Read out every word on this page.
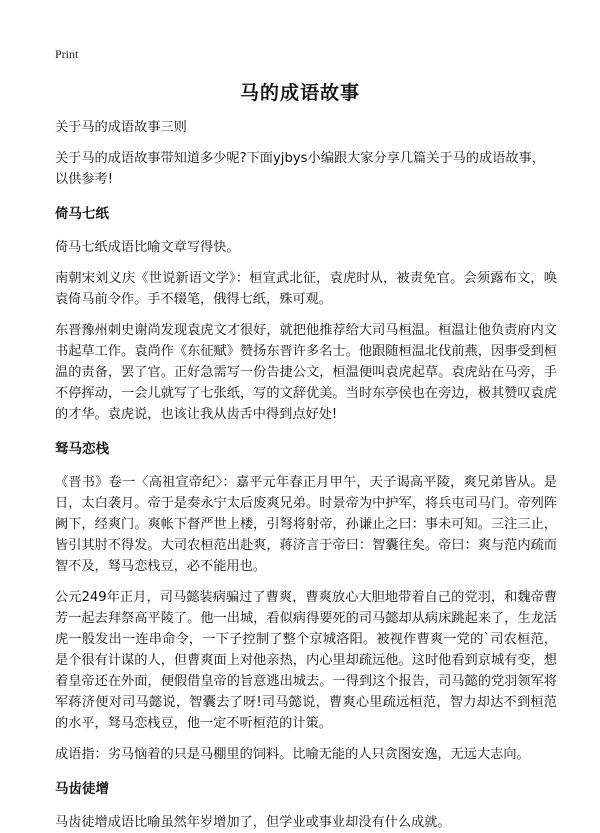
Print
马的成语故事

关于马的成语故事三则

关于马的成语故事带知道多少呢?下面yjbys小编跟大家分享几篇关于马的成语故事，以供参考!

倚马七纸

倚马七纸成语比喻文章写得快。

南朝宋刘义庆《世说新语文学》：桓宣武北征，袁虎时从，被责免官。会须露布文，唤袁倚马前令作。手不辍笔，俄得七纸，殊可观。

东晋豫州刺史谢尚发现袁虎文才很好，就把他推荐给大司马桓温。桓温让他负责府内文书起草工作。袁尚作《东征赋》赞扬东晋许多名士。他跟随桓温北伐前燕，因事受到桓温的责备，罢了官。正好急需写一份告捷公文，桓温便叫袁虎起草。袁虎站在马旁，手不停挥动，一会儿就写了七张纸，写的文辞优美。当时东亭侯也在旁边，极其赞叹袁虎的才华。袁虎说，也该让我从齿舌中得到点好处!

驽马恋栈

《晋书》卷一〈高祖宣帝纪〉：嘉平元年春正月甲午，天子谒高平陵，爽兄弟皆从。是日，太白袭月。帝于是奏永宁太后废爽兄弟。时景帝为中护军，将兵屯司马门。帝列阵阙下，经爽门。爽帐下督严世上楼，引弩将射帝，孙谦止之曰：事未可知。三注三止，皆引其肘不得发。大司农桓范出赴爽，蒋济言于帝曰：智囊往矣。帝曰：爽与范内疏而智不及，驽马恋栈豆，必不能用也。

公元249年正月，司马懿装病骗过了曹爽，曹爽放心大胆地带着自己的党羽，和魏帝曹芳一起去拜祭高平陵了。他一出城，看似病得要死的司马懿却从病床跳起来了，生龙活虎一般发出一连串命令，一下子控制了整个京城洛阳。被视作曹爽一党的`司农桓范，是个很有计谋的人，但曹爽面上对他亲热，内心里却疏远他。这时他看到京城有变，想着皇帝还在外面，便假借皇帝的旨意逃出城去。一得到这个报告，司马懿的党羽领军将军蒋济便对司马懿说，智囊去了呀!司马懿说，曹爽心里疏远桓范，智力却达不到桓范的水平，驽马恋栈豆，他一定不听桓范的计策。

成语指：劣马恼着的只是马棚里的饲料。比喻无能的人只贪图安逸，无远大志向。

马齿徒增

马齿徒增成语比喻虽然年岁增加了，但学业或事业却没有什么成就。
